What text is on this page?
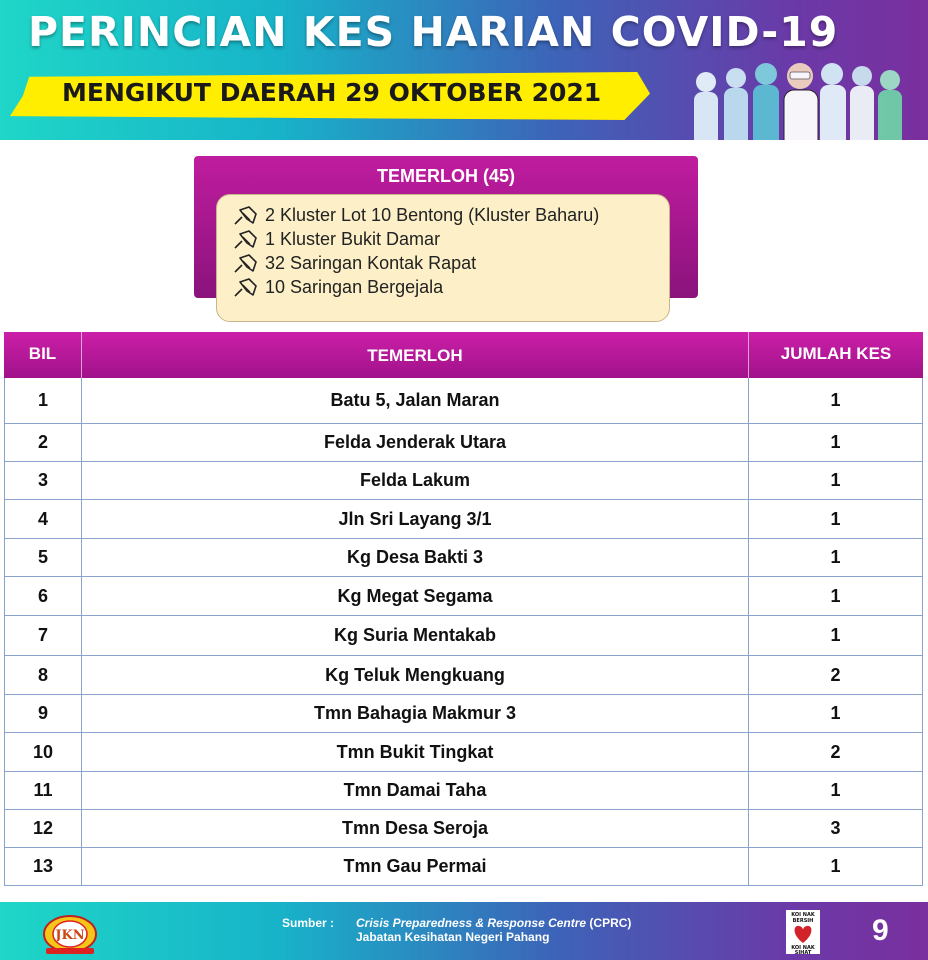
PERINCIAN KES HARIAN COVID-19
MENGIKUT DAERAH 29 OKTOBER 2021
TEMERLOH (45)
2 Kluster Lot 10 Bentong (Kluster Baharu)
1 Kluster Bukit Damar
32 Saringan Kontak Rapat
10 Saringan Bergejala
BIL	TEMERLOH	JUMLAH KES
1	Batu 5, Jalan Maran	1
2	Felda Jenderak Utara	1
3	Felda Lakum	1
4	Jln Sri Layang 3/1	1
5	Kg Desa Bakti 3	1
6	Kg Megat Segama	1
7	Kg Suria Mentakab	1
8	Kg Teluk Mengkuang	2
9	Tmn Bahagia Makmur 3	1
10	Tmn Bukit Tingkat	2
11	Tmn Damai Taha	1
12	Tmn Desa Seroja	3
13	Tmn Gau Permai	1
JKN
Sumber : Crisis Preparedness & Response Centre (CPRC)
Jabatan Kesihatan Negeri Pahang
KOI NAK
BERSIH
KOI NAK
SIHAT
9
